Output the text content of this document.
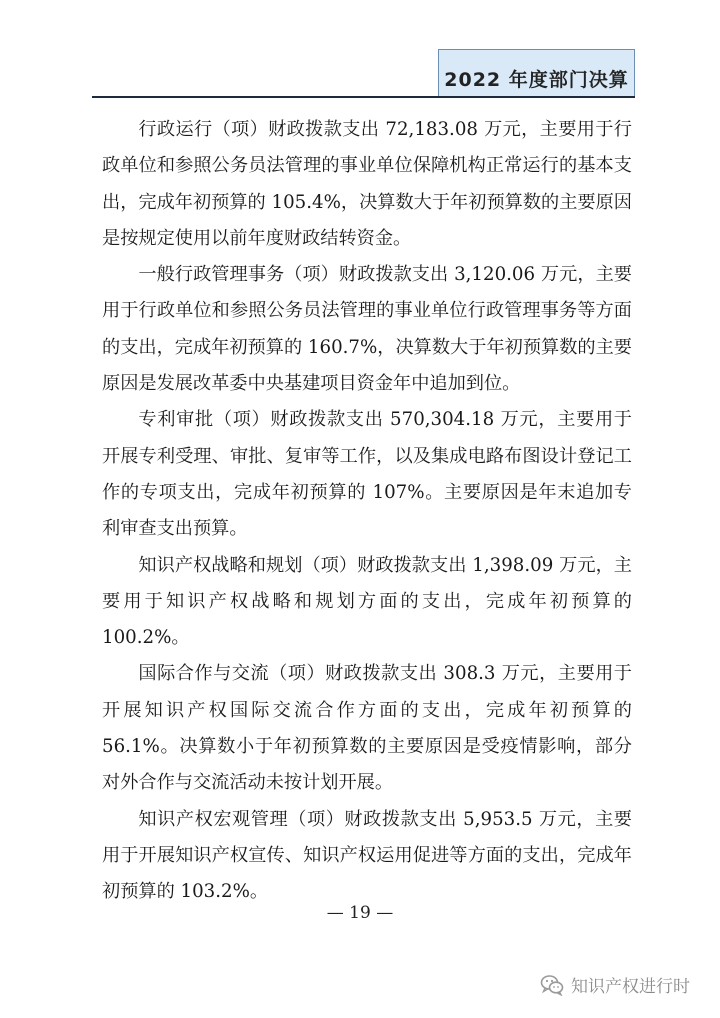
2022 年度部门决算

行政运行（项）财政拨款支出 72,183.08 万元，主要用于行政单位和参照公务员法管理的事业单位保障机构正常运行的基本支出，完成年初预算的 105.4%，决算数大于年初预算数的主要原因是按规定使用以前年度财政结转资金。

一般行政管理事务（项）财政拨款支出 3,120.06 万元，主要用于行政单位和参照公务员法管理的事业单位行政管理事务等方面的支出，完成年初预算的 160.7%，决算数大于年初预算数的主要原因是发展改革委中央基建项目资金年中追加到位。

专利审批（项）财政拨款支出 570,304.18 万元，主要用于开展专利受理、审批、复审等工作，以及集成电路布图设计登记工作的专项支出，完成年初预算的 107%。主要原因是年末追加专利审查支出预算。

知识产权战略和规划（项）财政拨款支出 1,398.09 万元，主要用于知识产权战略和规划方面的支出，完成年初预算的 100.2%。

国际合作与交流（项）财政拨款支出 308.3 万元，主要用于开展知识产权国际交流合作方面的支出，完成年初预算的 56.1%。决算数小于年初预算数的主要原因是受疫情影响，部分对外合作与交流活动未按计划开展。

知识产权宏观管理（项）财政拨款支出 5,953.5 万元，主要用于开展知识产权宣传、知识产权运用促进等方面的支出，完成年初预算的 103.2%。

— 19 —
知识产权进行时
